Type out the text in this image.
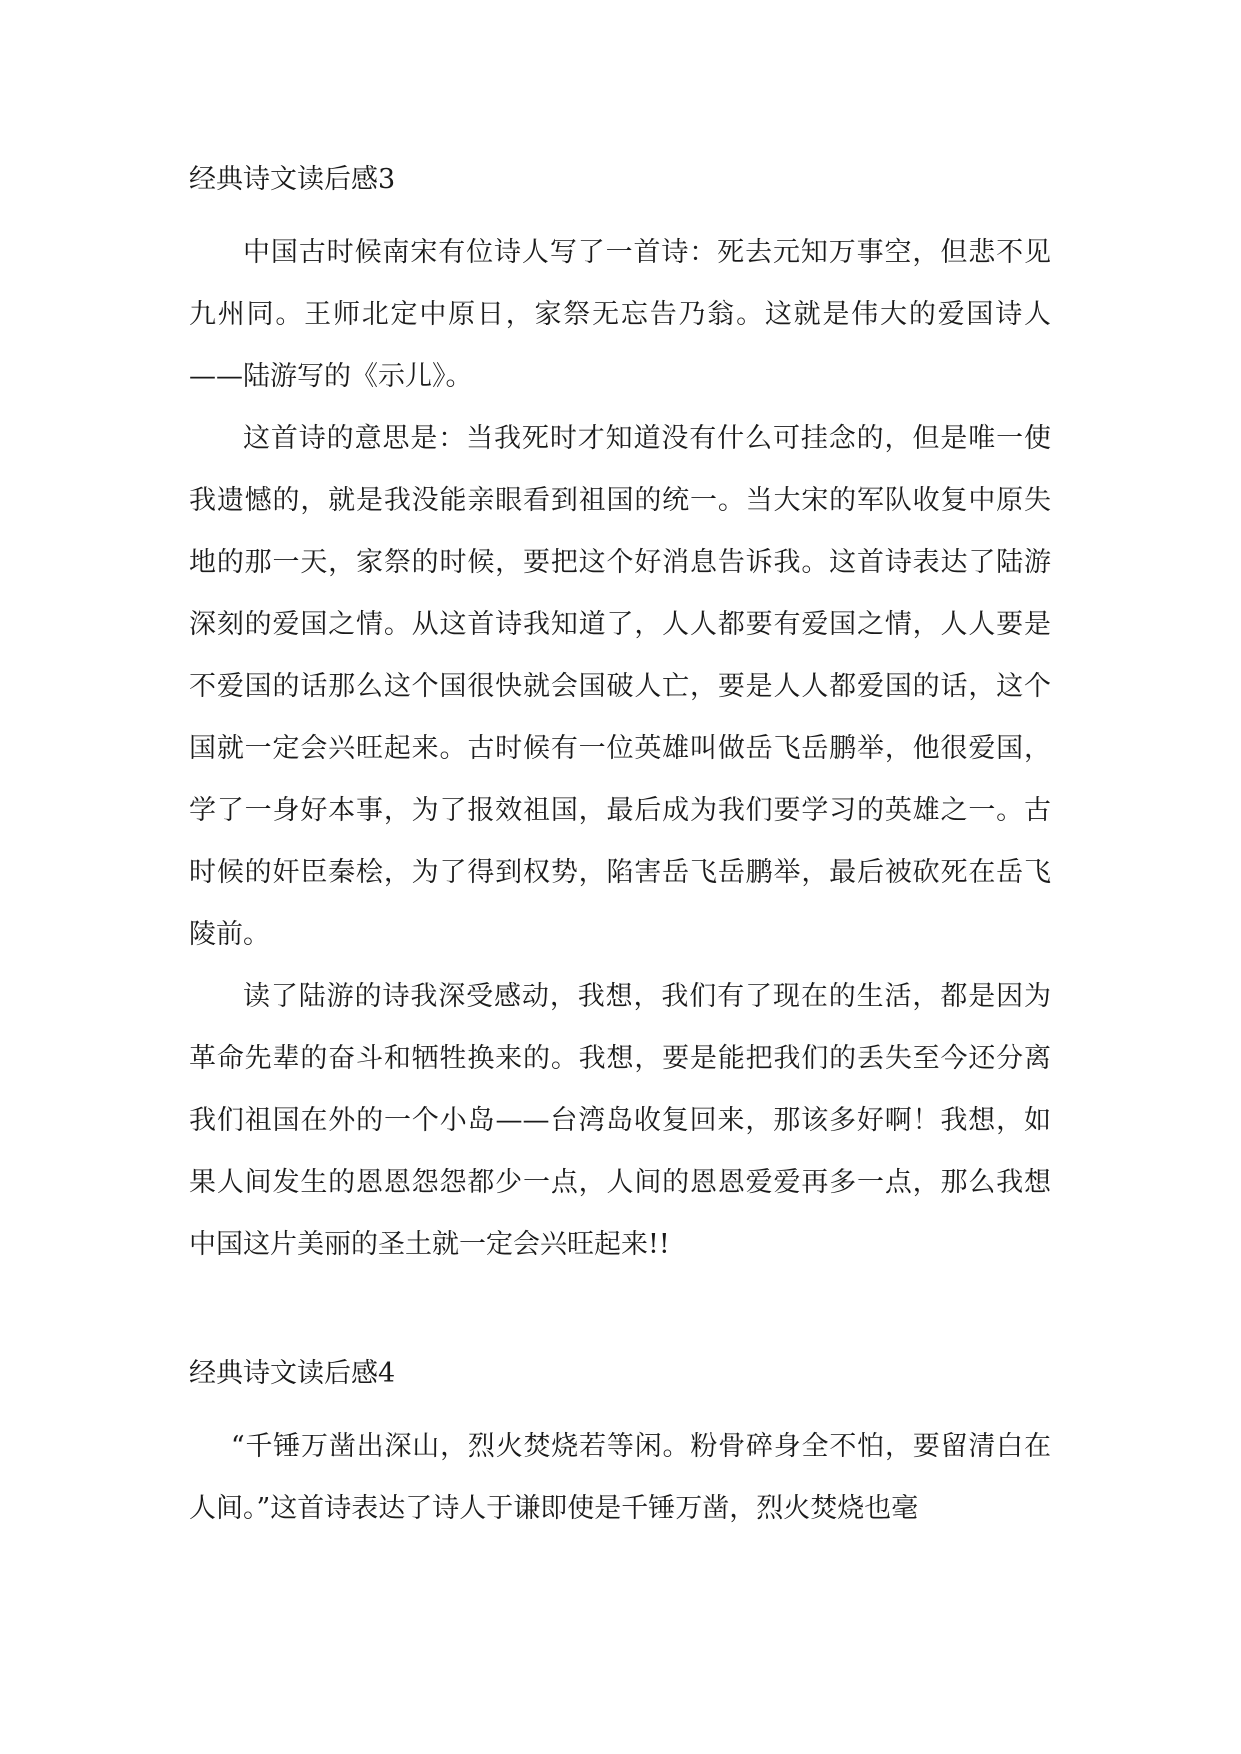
经典诗文读后感3

中国古时候南宋有位诗人写了一首诗：死去元知万事空，但悲不见九州同。王师北定中原日，家祭无忘告乃翁。这就是伟大的爱国诗人——陆游写的《示儿》。

这首诗的意思是：当我死时才知道没有什么可挂念的，但是唯一使我遗憾的，就是我没能亲眼看到祖国的统一。当大宋的军队收复中原失地的那一天，家祭的时候，要把这个好消息告诉我。这首诗表达了陆游深刻的爱国之情。从这首诗我知道了，人人都要有爱国之情，人人要是不爱国的话那么这个国很快就会国破人亡，要是人人都爱国的话，这个国就一定会兴旺起来。古时候有一位英雄叫做岳飞岳鹏举，他很爱国，学了一身好本事，为了报效祖国，最后成为我们要学习的英雄之一。古时候的奸臣秦桧，为了得到权势，陷害岳飞岳鹏举，最后被砍死在岳飞陵前。

读了陆游的诗我深受感动，我想，我们有了现在的生活，都是因为革命先辈的奋斗和牺牲换来的。我想，要是能把我们的丢失至今还分离我们祖国在外的一个小岛——台湾岛收复回来，那该多好啊！我想，如果人间发生的恩恩怨怨都少一点，人间的恩恩爱爱再多一点，那么我想中国这片美丽的圣土就一定会兴旺起来!!

经典诗文读后感4

“千锤万凿出深山，烈火焚烧若等闲。粉骨碎身全不怕，要留清白在人间。”这首诗表达了诗人于谦即使是千锤万凿，烈火焚烧也毫
